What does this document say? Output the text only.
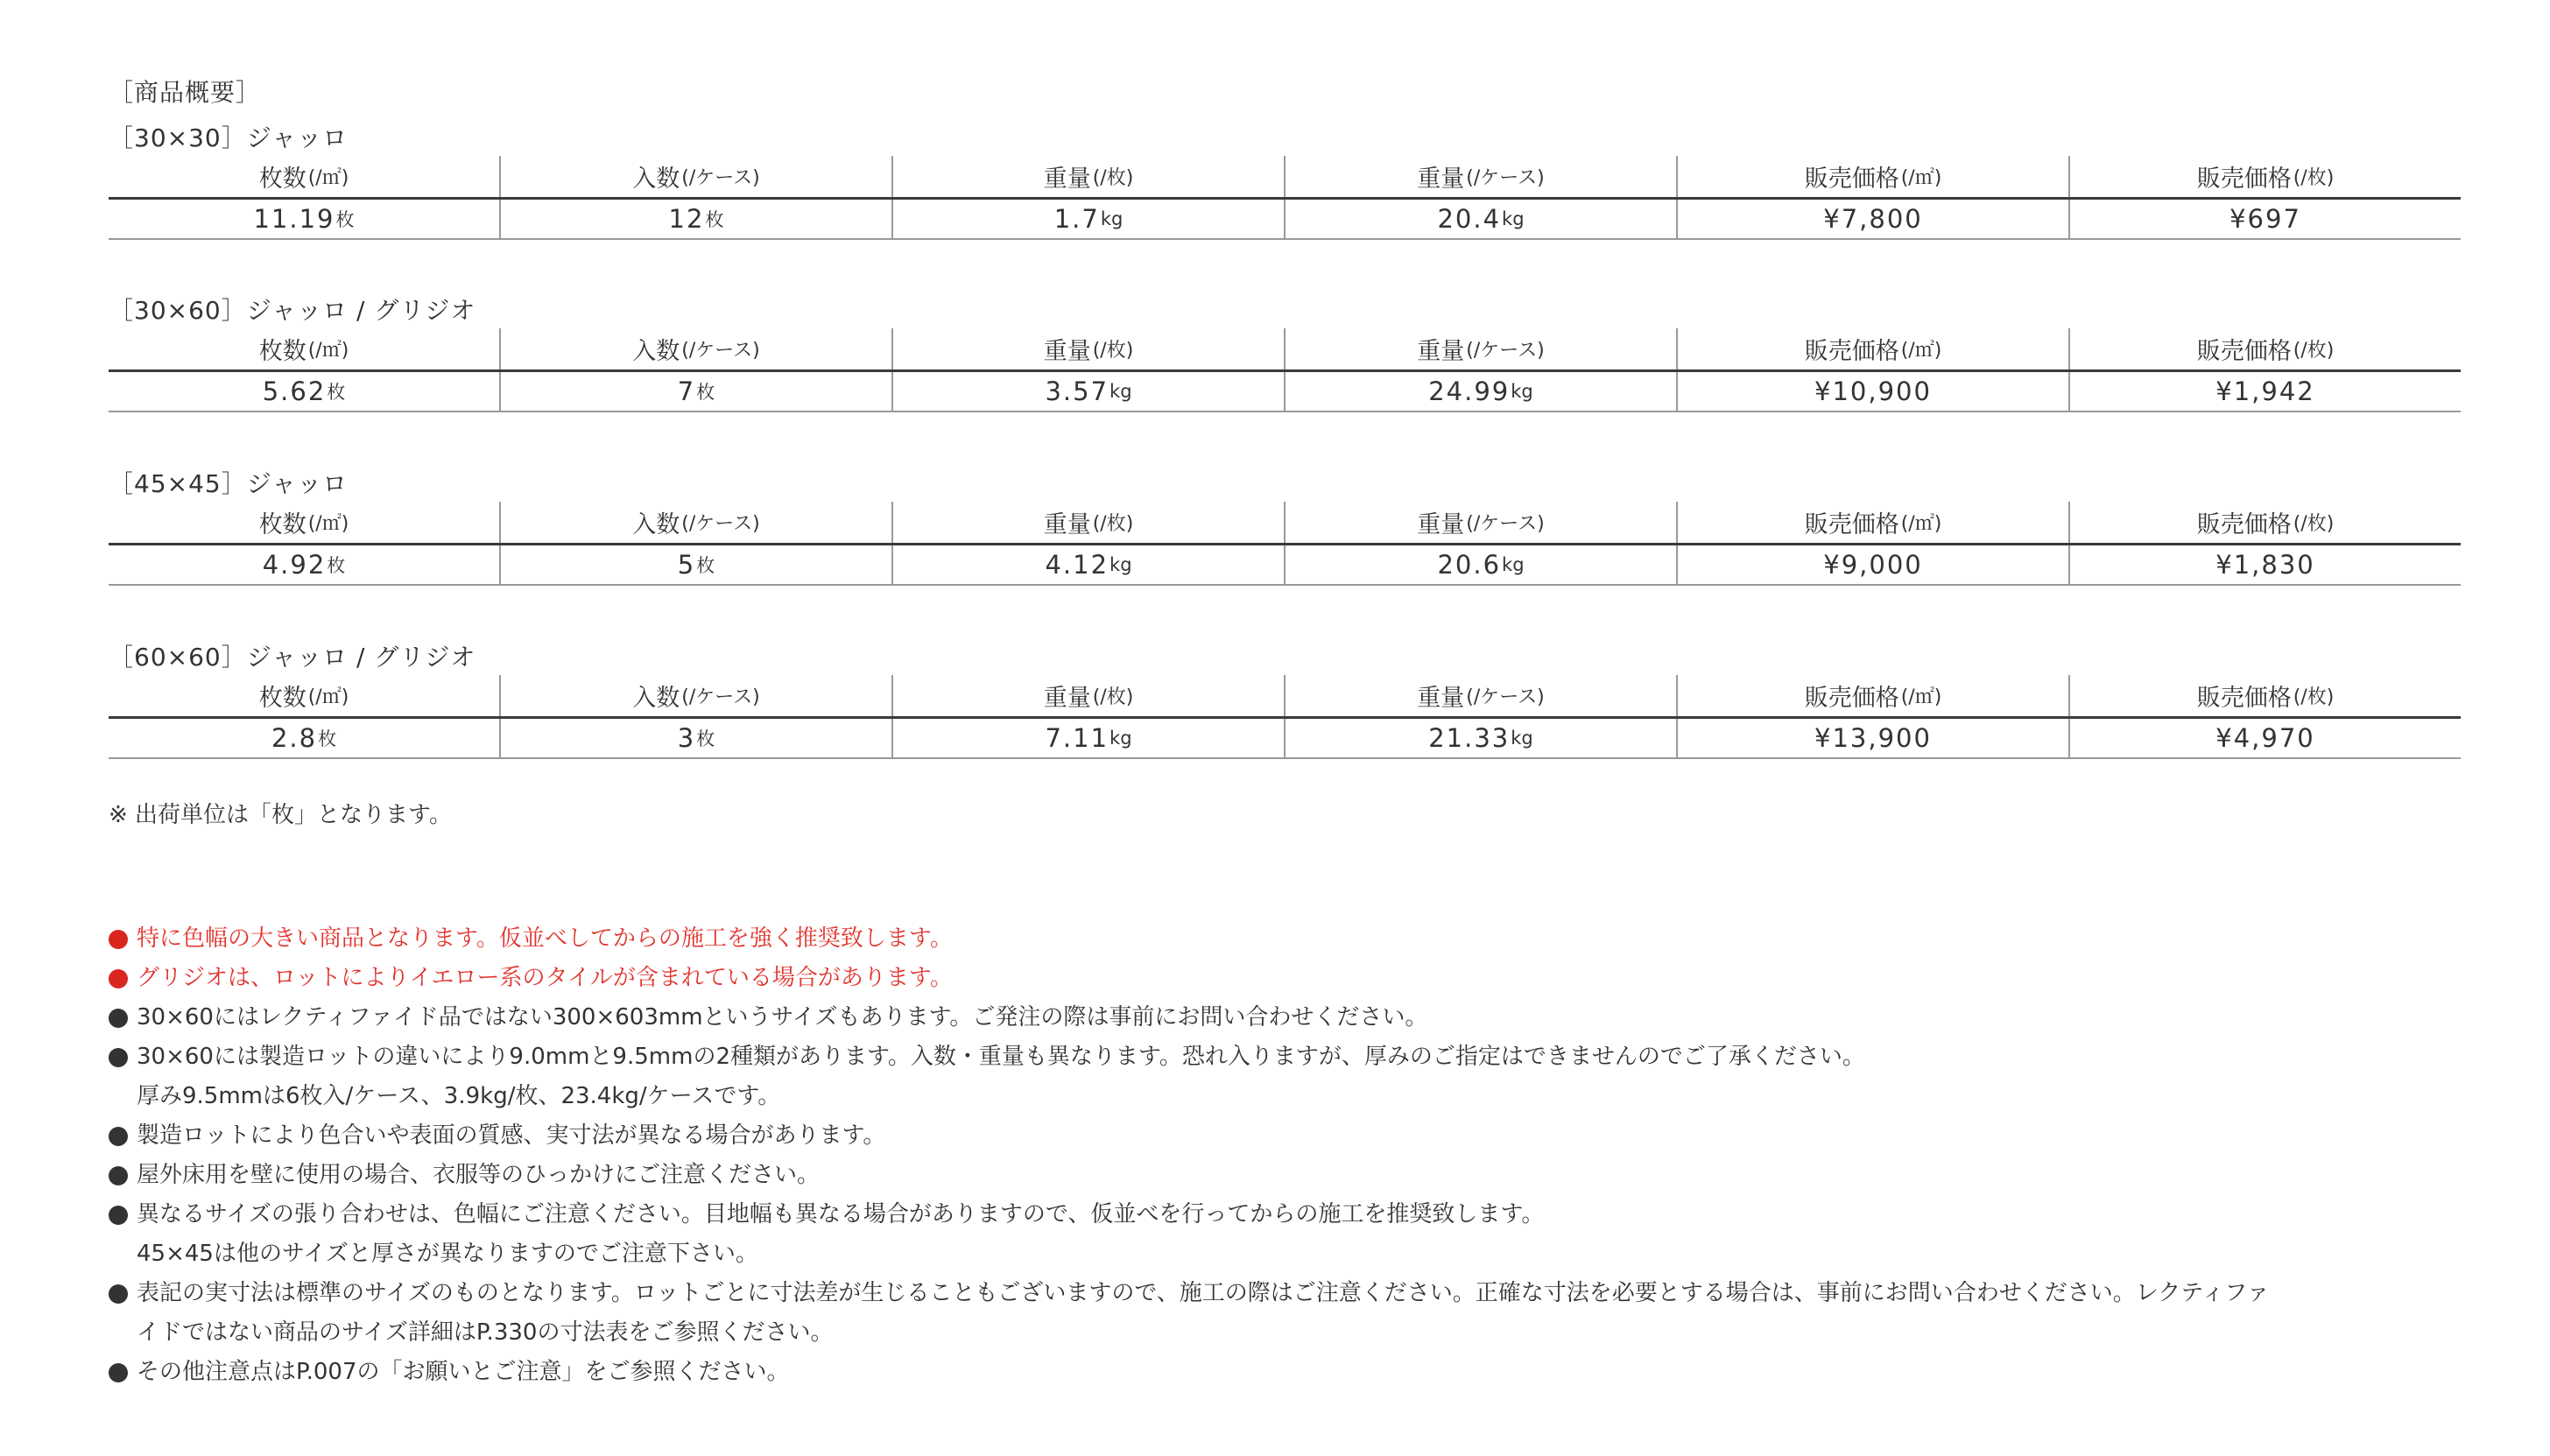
［商品概要］
［30×30］ジャッロ
枚数 (/㎡)	入数 (/ケース)	重量 (/枚)	重量 (/ケース)	販売価格 (/㎡)	販売価格 (/枚)
11.19 枚	12 枚	1.7 kg	20.4 kg	¥7,800	¥697
［30×60］ジャッロ / グリジオ
枚数 (/㎡)	入数 (/ケース)	重量 (/枚)	重量 (/ケース)	販売価格 (/㎡)	販売価格 (/枚)
5.62 枚	7 枚	3.57 kg	24.99 kg	¥10,900	¥1,942
［45×45］ジャッロ
枚数 (/㎡)	入数 (/ケース)	重量 (/枚)	重量 (/ケース)	販売価格 (/㎡)	販売価格 (/枚)
4.92 枚	5 枚	4.12 kg	20.6 kg	¥9,000	¥1,830
［60×60］ジャッロ / グリジオ
枚数 (/㎡)	入数 (/ケース)	重量 (/枚)	重量 (/ケース)	販売価格 (/㎡)	販売価格 (/枚)
2.8 枚	3 枚	7.11 kg	21.33 kg	¥13,900	¥4,970
※ 出荷単位は「枚」となります。
特に色幅の大きい商品となります。仮並べしてからの施工を強く推奨致します。
グリジオは、ロットによりイエロー系のタイルが含まれている場合があります。
30×60にはレクティファイド品ではない300×603mmというサイズもあります。ご発注の際は事前にお問い合わせください。
30×60には製造ロットの違いにより9.0mmと9.5mmの2種類があります。入数・重量も異なります。恐れ入りますが、厚みのご指定はできませんのでご了承ください。
厚み9.5mmは6枚入/ケース、3.9kg/枚、23.4kg/ケースです。
製造ロットにより色合いや表面の質感、実寸法が異なる場合があります。
屋外床用を壁に使用の場合、衣服等のひっかけにご注意ください。
異なるサイズの張り合わせは、色幅にご注意ください。目地幅も異なる場合がありますので、仮並べを行ってからの施工を推奨致します。
45×45は他のサイズと厚さが異なりますのでご注意下さい。
表記の実寸法は標準のサイズのものとなります。ロットごとに寸法差が生じることもございますので、施工の際はご注意ください。正確な寸法を必要とする場合は、事前にお問い合わせください。レクティファ
イドではない商品のサイズ詳細はP.330の寸法表をご参照ください。
その他注意点はP.007の「お願いとご注意」をご参照ください。
